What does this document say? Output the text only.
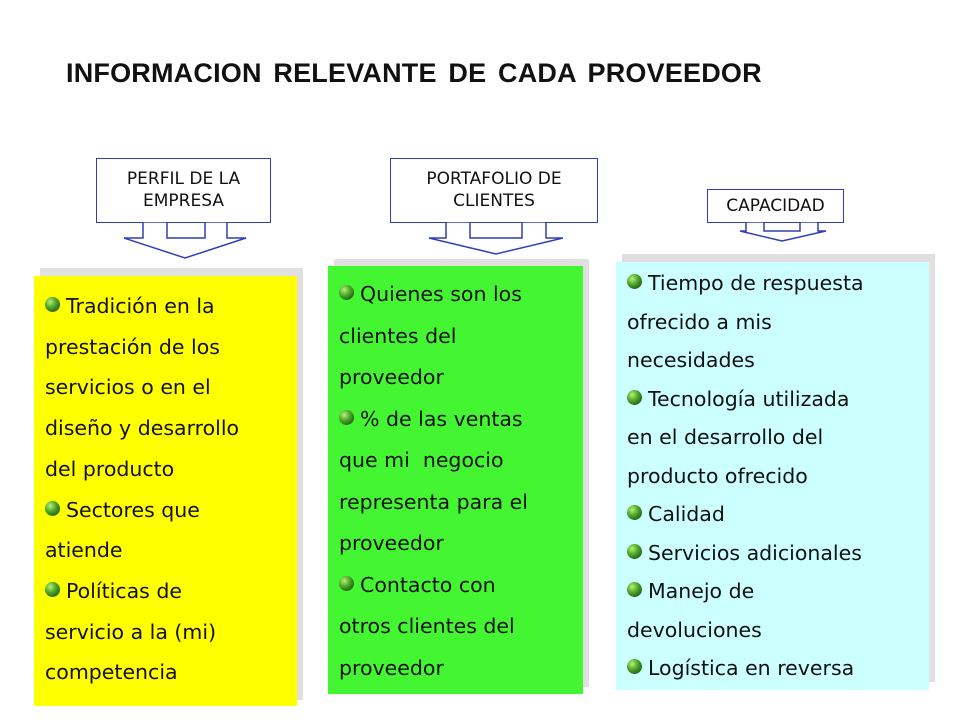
INFORMACION RELEVANTE DE CADA PROVEEDOR
PERFIL DE LA
EMPRESA
PORTAFOLIO DE
CLIENTES	CAPACIDAD

Tradición en la

prestación de los

servicios o en el

diseño y desarrollo

del producto

Sectores que

atiende

Políticas de

servicio a la (mi)

competencia

Quienes son los

clientes del

proveedor

% de las ventas

que mi  negocio

representa para el

proveedor

Contacto con

otros clientes del

proveedor

Tiempo de respuesta

ofrecido a mis

necesidades

Tecnología utilizada

en el desarrollo del

producto ofrecido

Calidad

Servicios adicionales

Manejo de

devoluciones

Logística en reversa
